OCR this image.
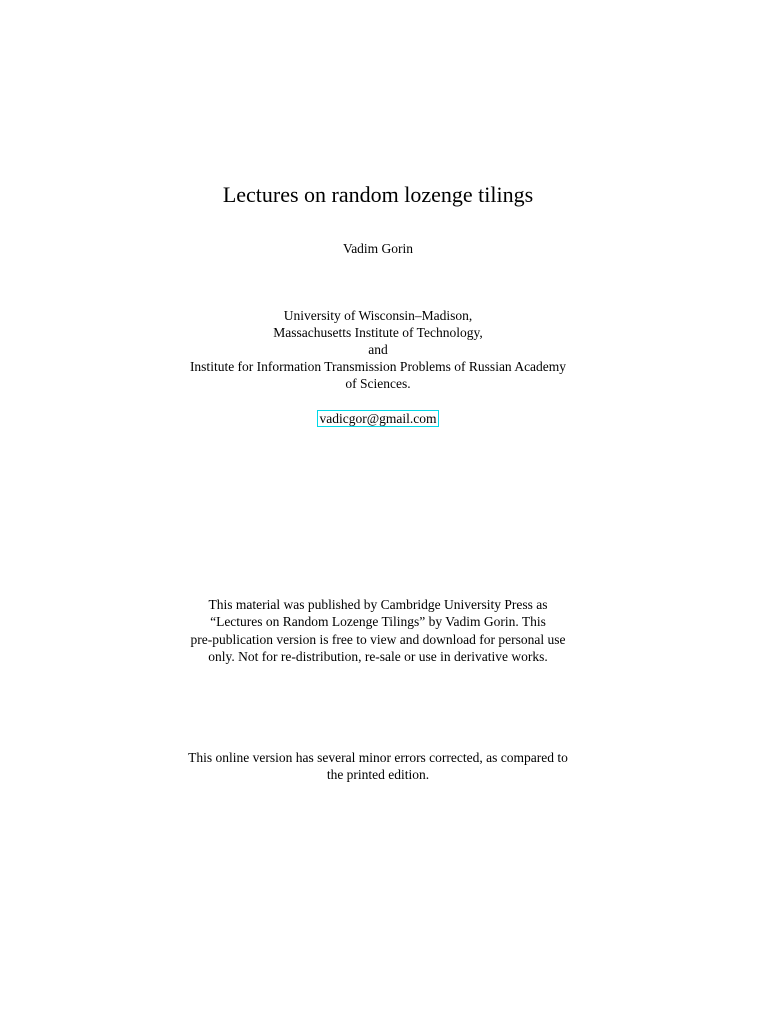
Lectures on random lozenge tilings

Vadim Gorin

University of Wisconsin–Madison,
Massachusetts Institute of Technology,
and
Institute for Information Transmission Problems of Russian Academy
of Sciences.

vadicgor@gmail.com

This material was published by Cambridge University Press as
“Lectures on Random Lozenge Tilings” by Vadim Gorin. This
pre-publication version is free to view and download for personal use
only. Not for re-distribution, re-sale or use in derivative works.

This online version has several minor errors corrected, as compared to
the printed edition.
